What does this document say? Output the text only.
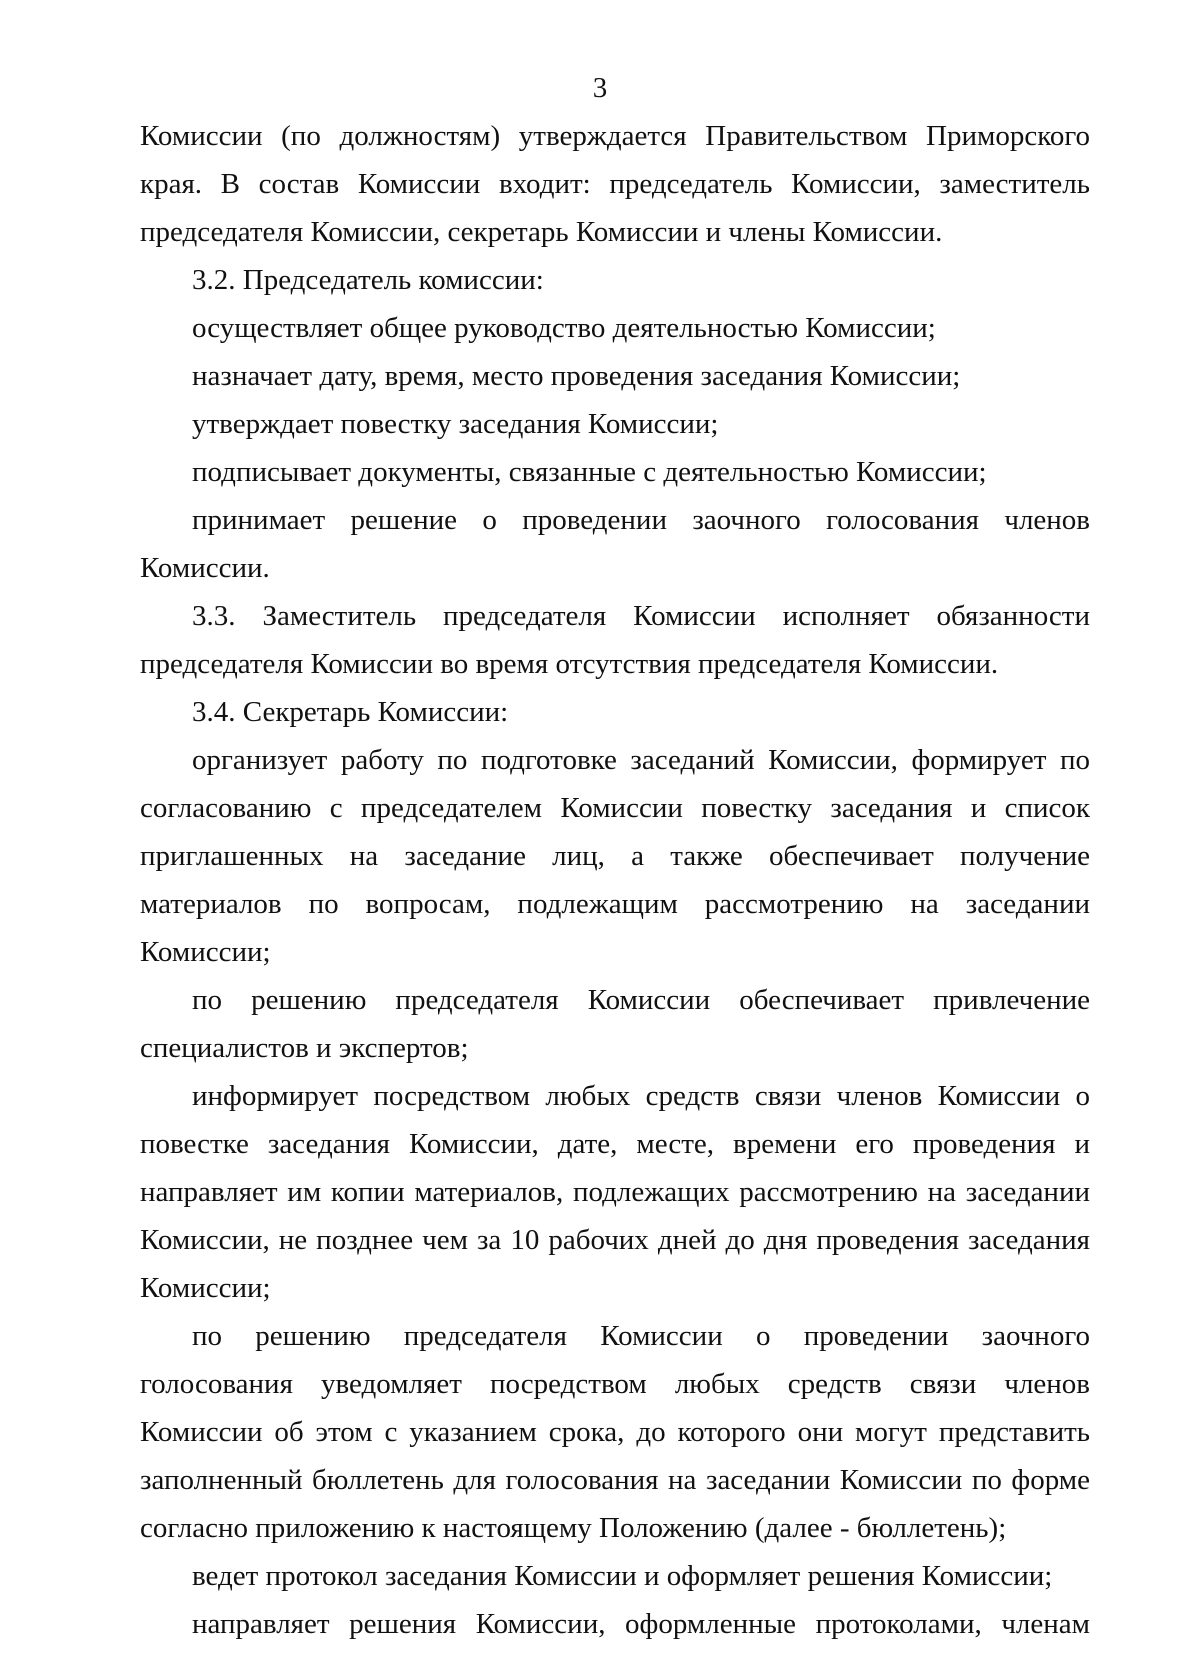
3

Комиссии (по должностям) утверждается Правительством Приморского края. В состав Комиссии входит: председатель Комиссии, заместитель председателя Комиссии, секретарь Комиссии и члены Комиссии.

3.2. Председатель комиссии:

осуществляет общее руководство деятельностью Комиссии;

назначает дату, время, место проведения заседания Комиссии;

утверждает повестку заседания Комиссии;

подписывает документы, связанные с деятельностью Комиссии;

принимает решение о проведении заочного голосования членов Комиссии.

3.3. Заместитель председателя Комиссии исполняет обязанности председателя Комиссии во время отсутствия председателя Комиссии.

3.4. Секретарь Комиссии:

организует работу по подготовке заседаний Комиссии, формирует по согласованию с председателем Комиссии повестку заседания и список приглашенных на заседание лиц, а также обеспечивает получение материалов по вопросам, подлежащим рассмотрению на заседании Комиссии;

по решению председателя Комиссии обеспечивает привлечение специалистов и экспертов;

информирует посредством любых средств связи членов Комиссии о повестке заседания Комиссии, дате, месте, времени его проведения и направляет им копии материалов, подлежащих рассмотрению на заседании Комиссии, не позднее чем за 10 рабочих дней до дня проведения заседания Комиссии;

по решению председателя Комиссии о проведении заочного голосования уведомляет посредством любых средств связи членов Комиссии об этом с указанием срока, до которого они могут представить заполненный бюллетень для голосования на заседании Комиссии по форме согласно приложению к настоящему Положению (далее - бюллетень);

ведет протокол заседания Комиссии и оформляет решения Комиссии;

направляет решения Комиссии, оформленные протоколами, членам
